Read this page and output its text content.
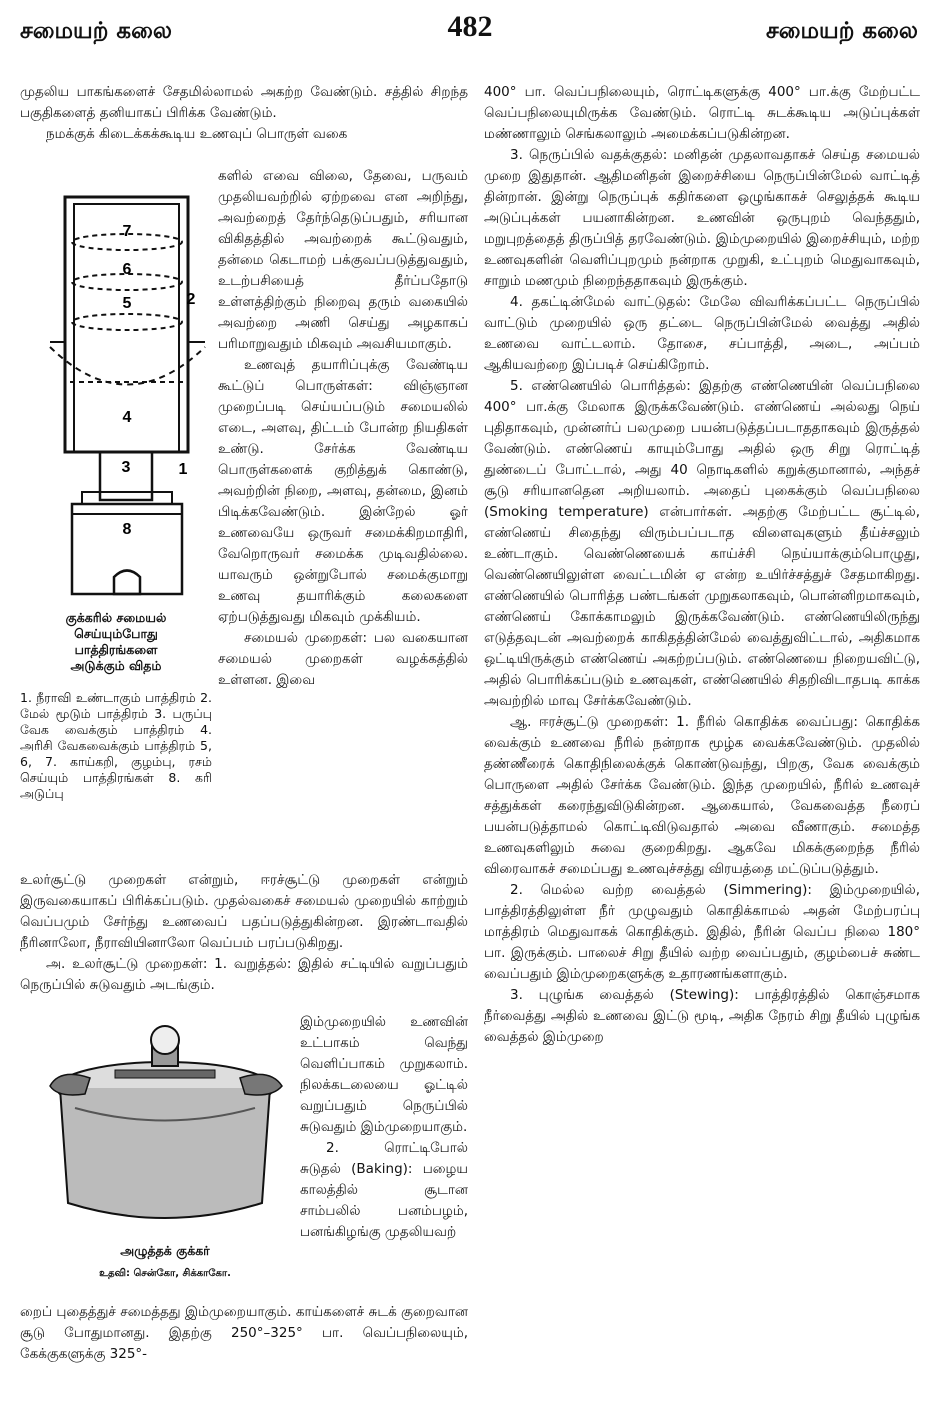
சமையற் கலை	482	சமையற் கலை

முதலிய பாகங்களைச் சேதமில்லாமல் அகற்ற வேண்டும். சத்தில் சிறந்த பகுதிகளைத் தனியாகப் பிரிக்க வேண்டும்.

நமக்குக் கிடைக்கக்கூடிய உணவுப் பொருள் வகை

7
6
5	2
4
3	1
8

குக்கரில் சமையல்

செய்யும்போது

பாத்திரங்களை

அடுக்கும் விதம்

1. நீராவி உண்டாகும் பாத்திரம் 2. மேல் மூடும் பாத்திரம் 3. பருப்பு வேக வைக்கும் பாத்திரம் 4. அரிசி வேகவைக்கும் பாத்திரம் 5, 6, 7. காய்கறி, குழம்பு, ரசம் செய்யும் பாத்திரங்கள் 8. கரி அடுப்பு

களில் எவை விலை, தேவை, பருவம் முதலியவற்றில் ஏற்றவை என அறிந்து, அவற்றைத் தேர்ந்தெடுப்பதும், சரியான விகிதத்தில் அவற்றைக் கூட்டுவதும், தன்மை கெடாமற் பக்குவப்படுத்துவதும், உடற்பசியைத் தீர்ப்பதோடு உள்ளத்திற்கும் நிறைவு தரும் வகையில் அவற்றை அணி செய்து அழகாகப் பரிமாறுவதும் மிகவும் அவசியமாகும்.

உணவுத் தயாரிப்புக்கு வேண்டிய கூட்டுப் பொருள்கள்: விஞ்ஞான முறைப்படி செய்யப்படும் சமையலில் எடை, அளவு, திட்டம் போன்ற நியதிகள் உண்டு. சேர்க்க வேண்டிய பொருள்களைக் குறித்துக் கொண்டு, அவற்றின் நிறை, அளவு, தன்மை, இனம் பிடிக்கவேண்டும். இன்றேல் ஓர் உணவையே ஒருவர் சமைக்கிறமாதிரி, வேறொருவர் சமைக்க முடிவதில்லை. யாவரும் ஒன்றுபோல் சமைக்குமாறு உணவு தயாரிக்கும் கலைகளை ஏற்படுத்துவது மிகவும் முக்கியம்.

சமையல் முறைகள்: பல வகையான சமையல் முறைகள் வழக்கத்தில் உள்ளன. இவை

உலர்சூட்டு முறைகள் என்றும், ஈரச்சூட்டு முறைகள் என்றும் இருவகையாகப் பிரிக்கப்படும். முதல்வகைச் சமையல் முறையில் காற்றும் வெப்பமும் சேர்ந்து உணவைப் பதப்படுத்துகின்றன. இரண்டாவதில் நீரினாலோ, நீராவியினாலோ வெப்பம் பரப்படுகிறது.

அ. உலர்சூட்டு முறைகள்: 1. வறுத்தல்: இதில் சட்டியில் வறுப்பதும் நெருப்பில் சுடுவதும் அடங்கும்.

இம்முறையில் உணவின் உட்பாகம் வெந்து வெளிப்பாகம் முறுகலாம். நிலக்கடலையை ஓட்டில் வறுப்பதும் நெருப்பில் சுடுவதும் இம்முறையாகும்.

2. ரொட்டிபோல் சுடுதல் (Baking): பழைய காலத்தில் சூடான சாம்பலில் பனம்பழம், பனங்கிழங்கு முதலியவற்

அழுத்தக் குக்கர்

உதவி: சென்கோ, சிக்காகோ.

றைப் புதைத்துச் சமைத்தது இம்முறையாகும். காய்களைச் சுடக் குறைவான சூடு போதுமானது. இதற்கு 250°–325° பா. வெப்பநிலையும், கேக்குகளுக்கு 325°-

400° பா. வெப்பநிலையும், ரொட்டிகளுக்கு 400° பா.க்கு மேற்பட்ட வெப்பநிலையுமிருக்க வேண்டும். ரொட்டி சுடக்கூடிய அடுப்புக்கள் மண்ணாலும் செங்கலாலும் அமைக்கப்படுகின்றன.

3. நெருப்பில் வதக்குதல்: மனிதன் முதலாவதாகச் செய்த சமையல் முறை இதுதான். ஆதிமனிதன் இறைச்சியை நெருப்பின்மேல் வாட்டித் தின்றான். இன்று நெருப்புக் கதிர்களை ஒழுங்காகச் செலுத்தக் கூடிய அடுப்புக்கள் பயனாகின்றன. உணவின் ஒருபுறம் வெந்ததும், மறுபுறத்தைத் திருப்பித் தரவேண்டும். இம்முறையில் இறைச்சியும், மற்ற உணவுகளின் வெளிப்புறமும் நன்றாக முறுகி, உட்புறம் மெதுவாகவும், சாறும் மணமும் நிறைந்ததாகவும் இருக்கும்.

4. தகட்டின்மேல் வாட்டுதல்: மேலே விவரிக்கப்பட்ட நெருப்பில் வாட்டும் முறையில் ஒரு தட்டை நெருப்பின்மேல் வைத்து அதில் உணவை வாட்டலாம். தோசை, சப்பாத்தி, அடை, அப்பம் ஆகியவற்றை இப்படிச் செய்கிறோம்.

5. எண்ணெயில் பொரித்தல்: இதற்கு எண்ணெயின் வெப்பநிலை 400° பா.க்கு மேலாக இருக்கவேண்டும். எண்ணெய் அல்லது நெய் புதிதாகவும், முன்னர்ப் பலமுறை பயன்படுத்தப்படாததாகவும் இருத்தல் வேண்டும். எண்ணெய் காயும்போது அதில் ஒரு சிறு ரொட்டித் துண்டைப் போட்டால், அது 40 நொடிகளில் கறுக்குமானால், அந்தச் சூடு சரியானதென அறியலாம். அதைப் புகைக்கும் வெப்பநிலை (Smoking temperature) என்பார்கள். அதற்கு மேற்பட்ட சூட்டில், எண்ணெய் சிதைந்து விரும்பப்படாத விளைவுகளும் தீய்ச்சலும் உண்டாகும். வெண்ணெயைக் காய்ச்சி நெய்யாக்கும்பொழுது, வெண்ணெயிலுள்ள வைட்டமின் ஏ என்ற உயிர்ச்சத்துச் சேதமாகிறது. எண்ணெயில் பொரித்த பண்டங்கள் முறுகலாகவும், பொன்னிறமாகவும், எண்ணெய் கோக்காமலும் இருக்கவேண்டும். எண்ணெயிலிருந்து எடுத்தவுடன் அவற்றைக் காகிதத்தின்மேல் வைத்துவிட்டால், அதிகமாக ஒட்டியிருக்கும் எண்ணெய் அகற்றப்படும். எண்ணெயை நிறையவிட்டு, அதில் பொரிக்கப்படும் உணவுகள், எண்ணெயில் சிதறிவிடாதபடி காக்க அவற்றில் மாவு சேர்க்கவேண்டும்.

ஆ. ஈரச்சூட்டு முறைகள்: 1. நீரில் கொதிக்க வைப்பது: கொதிக்க வைக்கும் உணவை நீரில் நன்றாக மூழ்க வைக்கவேண்டும். முதலில் தண்ணீரைக் கொதிநிலைக்குக் கொண்டுவந்து, பிறகு, வேக வைக்கும் பொருளை அதில் சேர்க்க வேண்டும். இந்த முறையில், நீரில் உணவுச் சத்துக்கள் கரைந்துவிடுகின்றன. ஆகையால், வேகவைத்த நீரைப் பயன்படுத்தாமல் கொட்டிவிடுவதால் அவை வீணாகும். சமைத்த உணவுகளிலும் சுவை குறைகிறது. ஆகவே மிகக்குறைந்த நீரில் விரைவாகச் சமைப்பது உணவுச்சத்து விரயத்தை மட்டுப்படுத்தும்.

2. மெல்ல வற்ற வைத்தல் (Simmering): இம்முறையில், பாத்திரத்திலுள்ள நீர் முழுவதும் கொதிக்காமல் அதன் மேற்பரப்பு மாத்திரம் மெதுவாகக் கொதிக்கும். இதில், நீரின் வெப்ப நிலை 180° பா. இருக்கும். பாலைச் சிறு தீயில் வற்ற வைப்பதும், குழம்பைச் சுண்ட வைப்பதும் இம்முறைகளுக்கு உதாரணங்களாகும்.

3. புழுங்க வைத்தல் (Stewing): பாத்திரத்தில் கொஞ்சமாக நீர்வைத்து அதில் உணவை இட்டு மூடி, அதிக நேரம் சிறு தீயில் புழுங்க வைத்தல் இம்முறை
